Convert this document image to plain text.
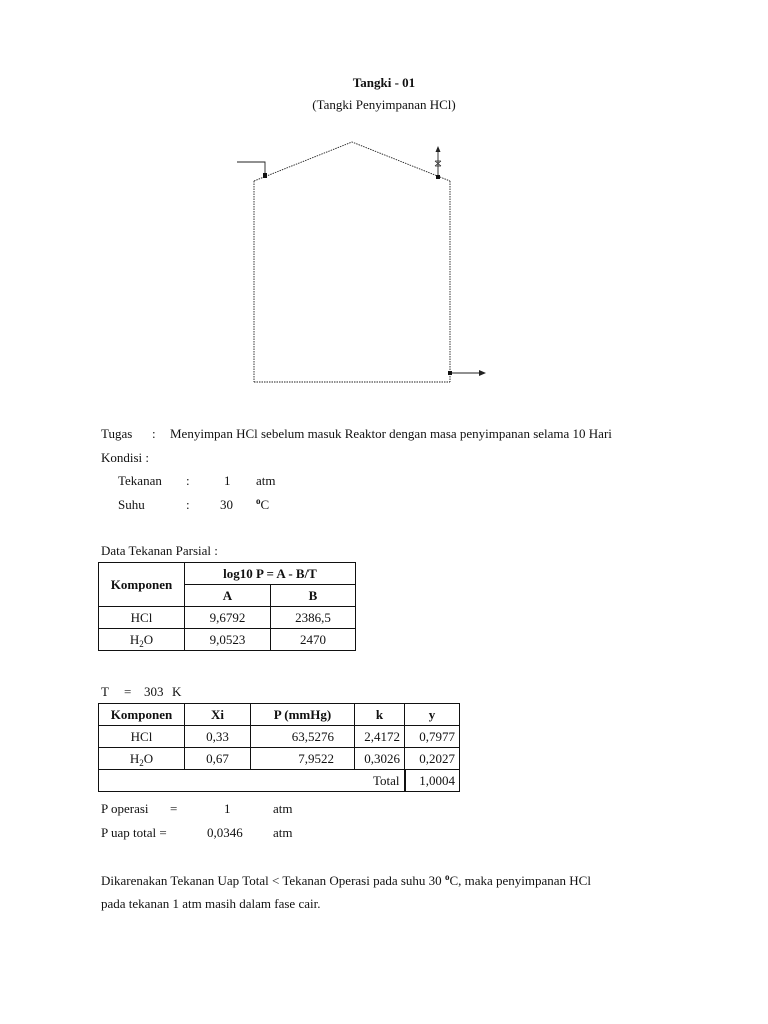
Tangki - 01
(Tangki Penyimpanan HCl)
Tugas : Menyimpan HCl sebelum masuk Reaktor dengan masa penyimpanan selama 10 Hari
Kondisi :
Tekanan :	1 atm
Suhu	: 30	$^o$C
Data Tekanan Parsial :
Komponen	log10 P = A - B/T	
	A	B
HCl	9,6792	2386,5
$H_2O$	9,0523	2470
T = 303 K
Komponen	Xi	P (mmHg)	k	y
HCl	0,33	63,5276	2,4172	0,7977
$H_2O$	0,67	7,9522	0,3026	0,2027
Total				1,0004
P operasi =	1	atm
P uap total =	0,0346 atm
Dikarenakan Tekanan Uap Total < Tekanan Operasi pada suhu 30 $^o$C, maka penyimpanan HCl
pada tekanan 1 atm masih dalam fase cair.
